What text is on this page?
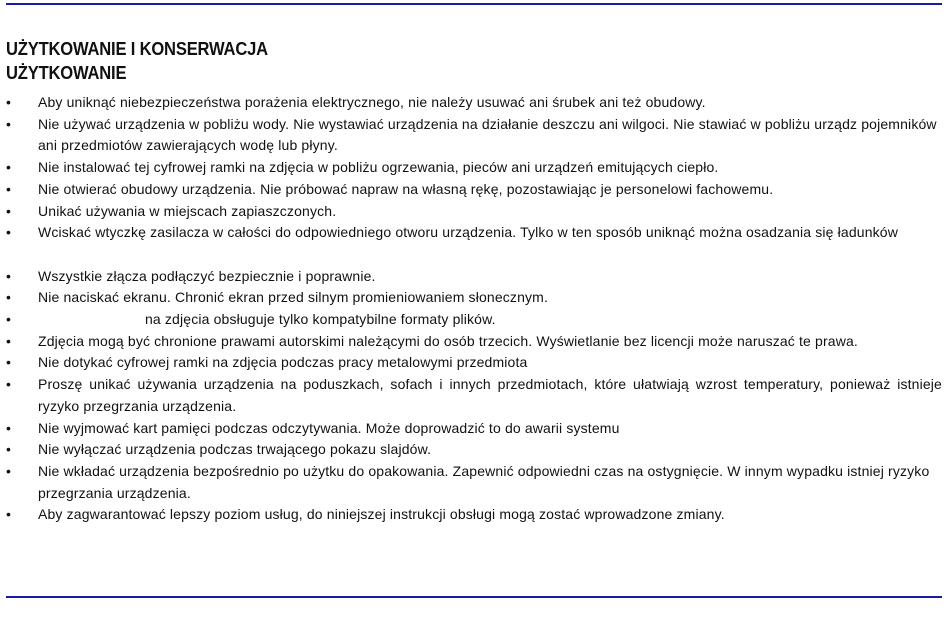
UŻYTKOWANIE I KONSERWACJA
UŻYTKOWANIE
•	Aby uniknąć niebezpieczeństwa porażenia elektrycznego, nie należy usuwać ani śrubek ani też obudowy.
•	Nie używać urządzenia w pobliżu wody. Nie wystawiać urządzenia na działanie deszczu ani wilgoci. Nie stawiać w pobliżu urządz pojemników ani przedmiotów zawierających wodę lub płyny.
•	Nie instalować tej cyfrowej ramki na zdjęcia w pobliżu ogrzewania, pieców ani urządzeń emitujących ciepło.
•	Nie otwierać obudowy urządzenia. Nie próbować napraw na własną rękę, pozostawiając je personelowi fachowemu.
•	Unikać używania w miejscach zapiaszczonych.
•	Wciskać wtyczkę zasilacza w całości do odpowiedniego otworu urządzenia. Tylko w ten sposób uniknąć można osadzania się ładunków
•	Wszystkie złącza podłączyć bezpiecznie i poprawnie.
•	Nie naciskać ekranu. Chronić ekran przed silnym promieniowaniem słonecznym.
•	na zdjęcia obsługuje tylko kompatybilne formaty plików.
•	Zdjęcia mogą być chronione prawami autorskimi należącymi do osób trzecich. Wyświetlanie bez licencji może naruszać te prawa.
•	Nie dotykać cyfrowej ramki na zdjęcia podczas pracy metalowymi przedmiota
•	Proszę unikać używania urządzenia na poduszkach, sofach i innych przedmiotach, które ułatwiają wzrost temperatury, ponieważ istnieje ryzyko przegrzania urządzenia.
•	Nie wyjmować kart pamięci podczas odczytywania. Może doprowadzić to do awarii systemu
•	Nie wyłączać urządzenia podczas trwającego pokazu slajdów.
•	Nie wkładać urządzenia bezpośrednio po użytku do opakowania. Zapewnić odpowiedni czas na ostygnięcie. W innym wypadku istniej ryzyko przegrzania urządzenia.
•	Aby zagwarantować lepszy poziom usług, do niniejszej instrukcji obsługi mogą zostać wprowadzone zmiany.
